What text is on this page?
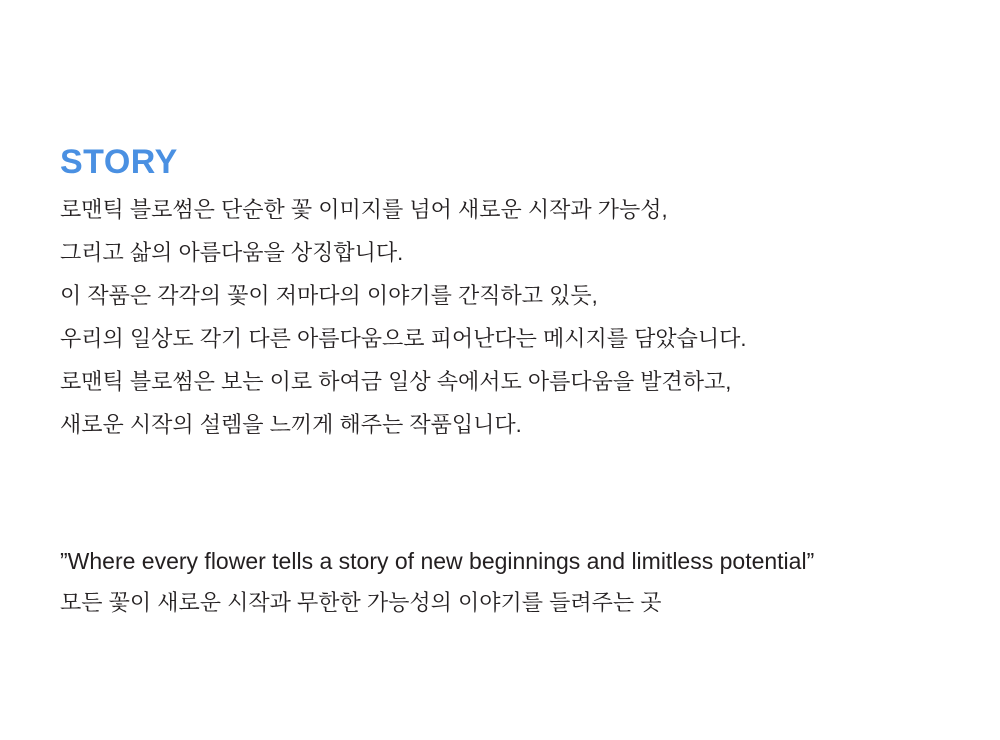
STORY
로맨틱 블로썸은 단순한 꽃 이미지를 넘어 새로운 시작과 가능성,
그리고 삶의 아름다움을 상징합니다.
이 작품은 각각의 꽃이 저마다의 이야기를 간직하고 있듯,
우리의 일상도 각기 다른 아름다움으로 피어난다는 메시지를 담았습니다.
로맨틱 블로썸은 보는 이로 하여금 일상 속에서도 아름다움을 발견하고,
새로운 시작의 설렘을 느끼게 해주는 작품입니다.
”Where every flower tells a story of new beginnings and limitless potential”
모든 꽃이 새로운 시작과 무한한 가능성의 이야기를 들려주는 곳
